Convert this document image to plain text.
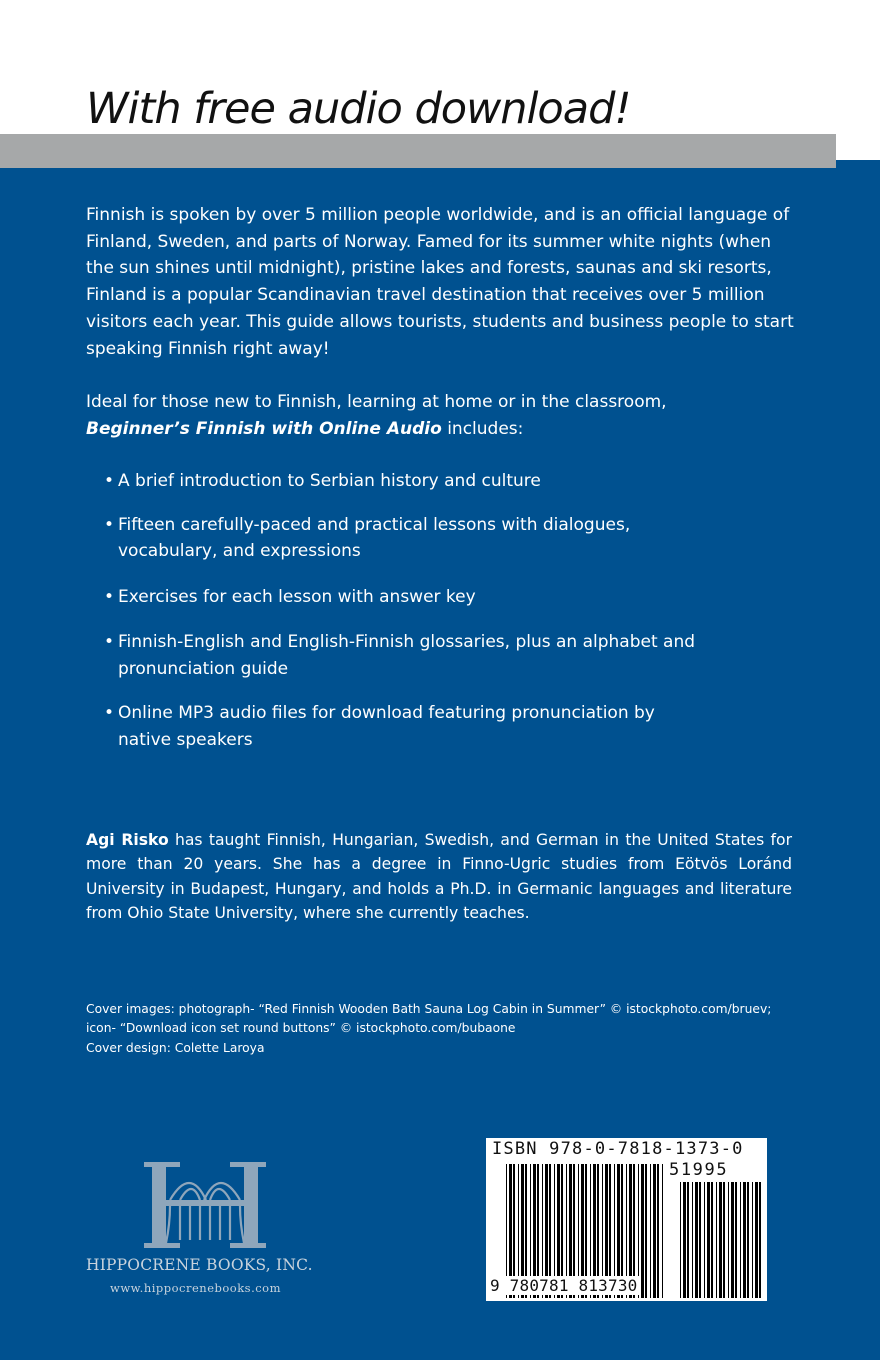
With free audio download!

Finnish is spoken by over 5 million people worldwide, and is an official language of Finland, Sweden, and parts of Norway. Famed for its summer white nights (when the sun shines until midnight), pristine lakes and forests, saunas and ski resorts, Finland is a popular Scandinavian travel destination that receives over 5 million visitors each year. This guide allows tourists, students and business people to start speaking Finnish right away!

Ideal for those new to Finnish, learning at home or in the classroom,
Beginner’s Finnish with Online Audio includes:

• A brief introduction to Serbian history and culture
• Fifteen carefully-paced and practical lessons with dialogues, vocabulary, and expressions
• Exercises for each lesson with answer key
• Finnish-English and English-Finnish glossaries, plus an alphabet and pronunciation guide
• Online MP3 audio files for download featuring pronunciation by native speakers

Agi Risko has taught Finnish, Hungarian, Swedish, and German in the United States for more than 20 years. She has a degree in Finno-Ugric studies from Eötvös Loránd University in Budapest, Hungary, and holds a Ph.D. in Germanic languages and literature from Ohio State University, where she currently teaches.

Cover images: photograph- “Red Finnish Wooden Bath Sauna Log Cabin in Summer” © istockphoto.com/bruev;
icon- “Download icon set round buttons” © istockphoto.com/bubaone
Cover design: Colette Laroya

HIPPOCRENE BOOKS, INC.

www.hippocrenebooks.com

ISBN 978-0-7818-1373-0
51995
9 780781 813730
